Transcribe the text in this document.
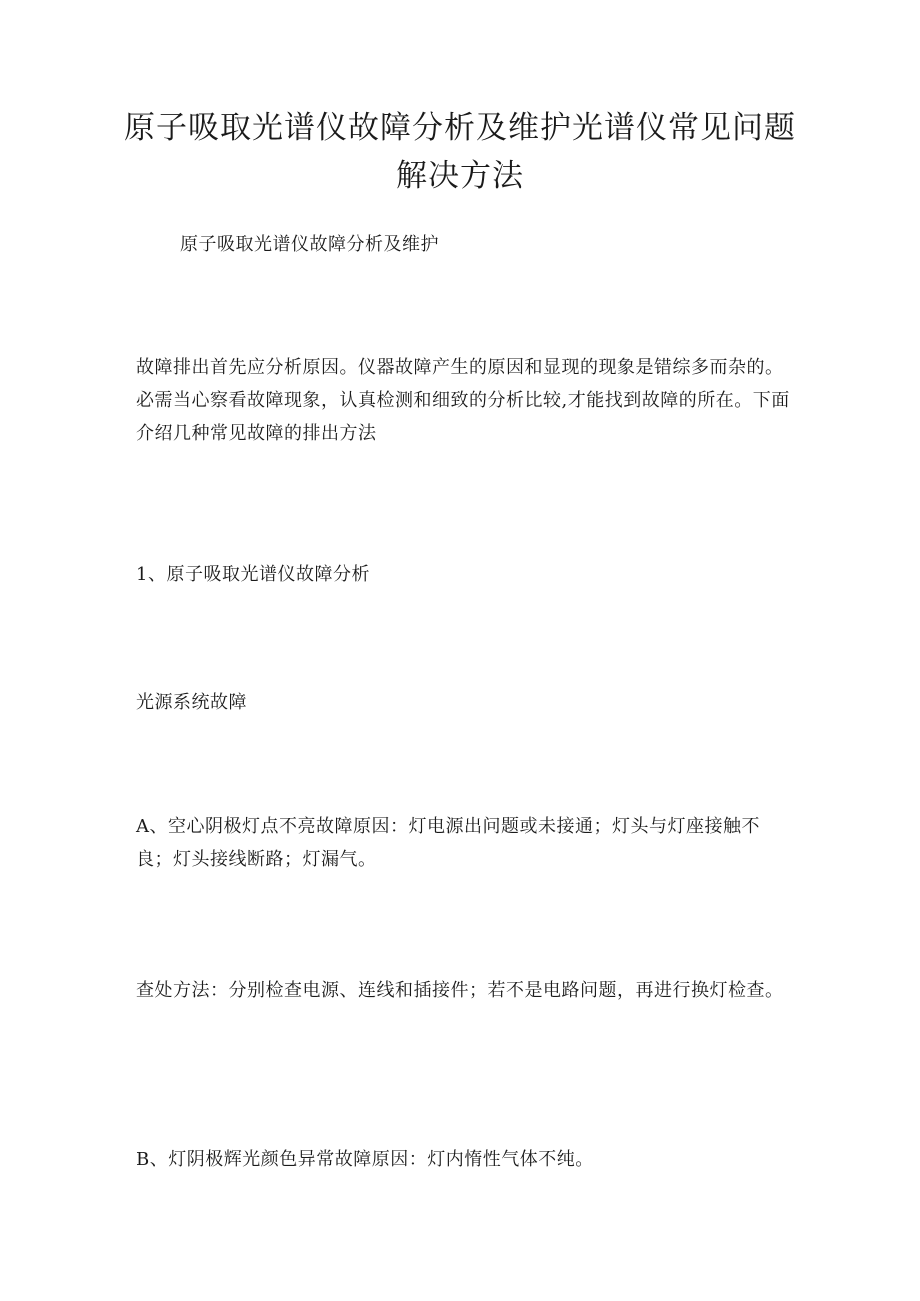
原子吸取光谱仪故障分析及维护光谱仪常见问题解决方法

原子吸取光谱仪故障分析及维护

故障排出首先应分析原因。仪器故障产生的原因和显现的现象是错综多而杂的。必需当心察看故障现象，认真检测和细致的分析比较,才能找到故障的所在。下面介绍几种常见故障的排出方法

1、原子吸取光谱仪故障分析

光源系统故障

A、空心阴极灯点不亮故障原因：灯电源出问题或未接通；灯头与灯座接触不良；灯头接线断路；灯漏气。

查处方法：分别检查电源、连线和插接件；若不是电路问题，再进行换灯检查。

B、灯阴极辉光颜色异常故障原因：灯内惰性气体不纯。
